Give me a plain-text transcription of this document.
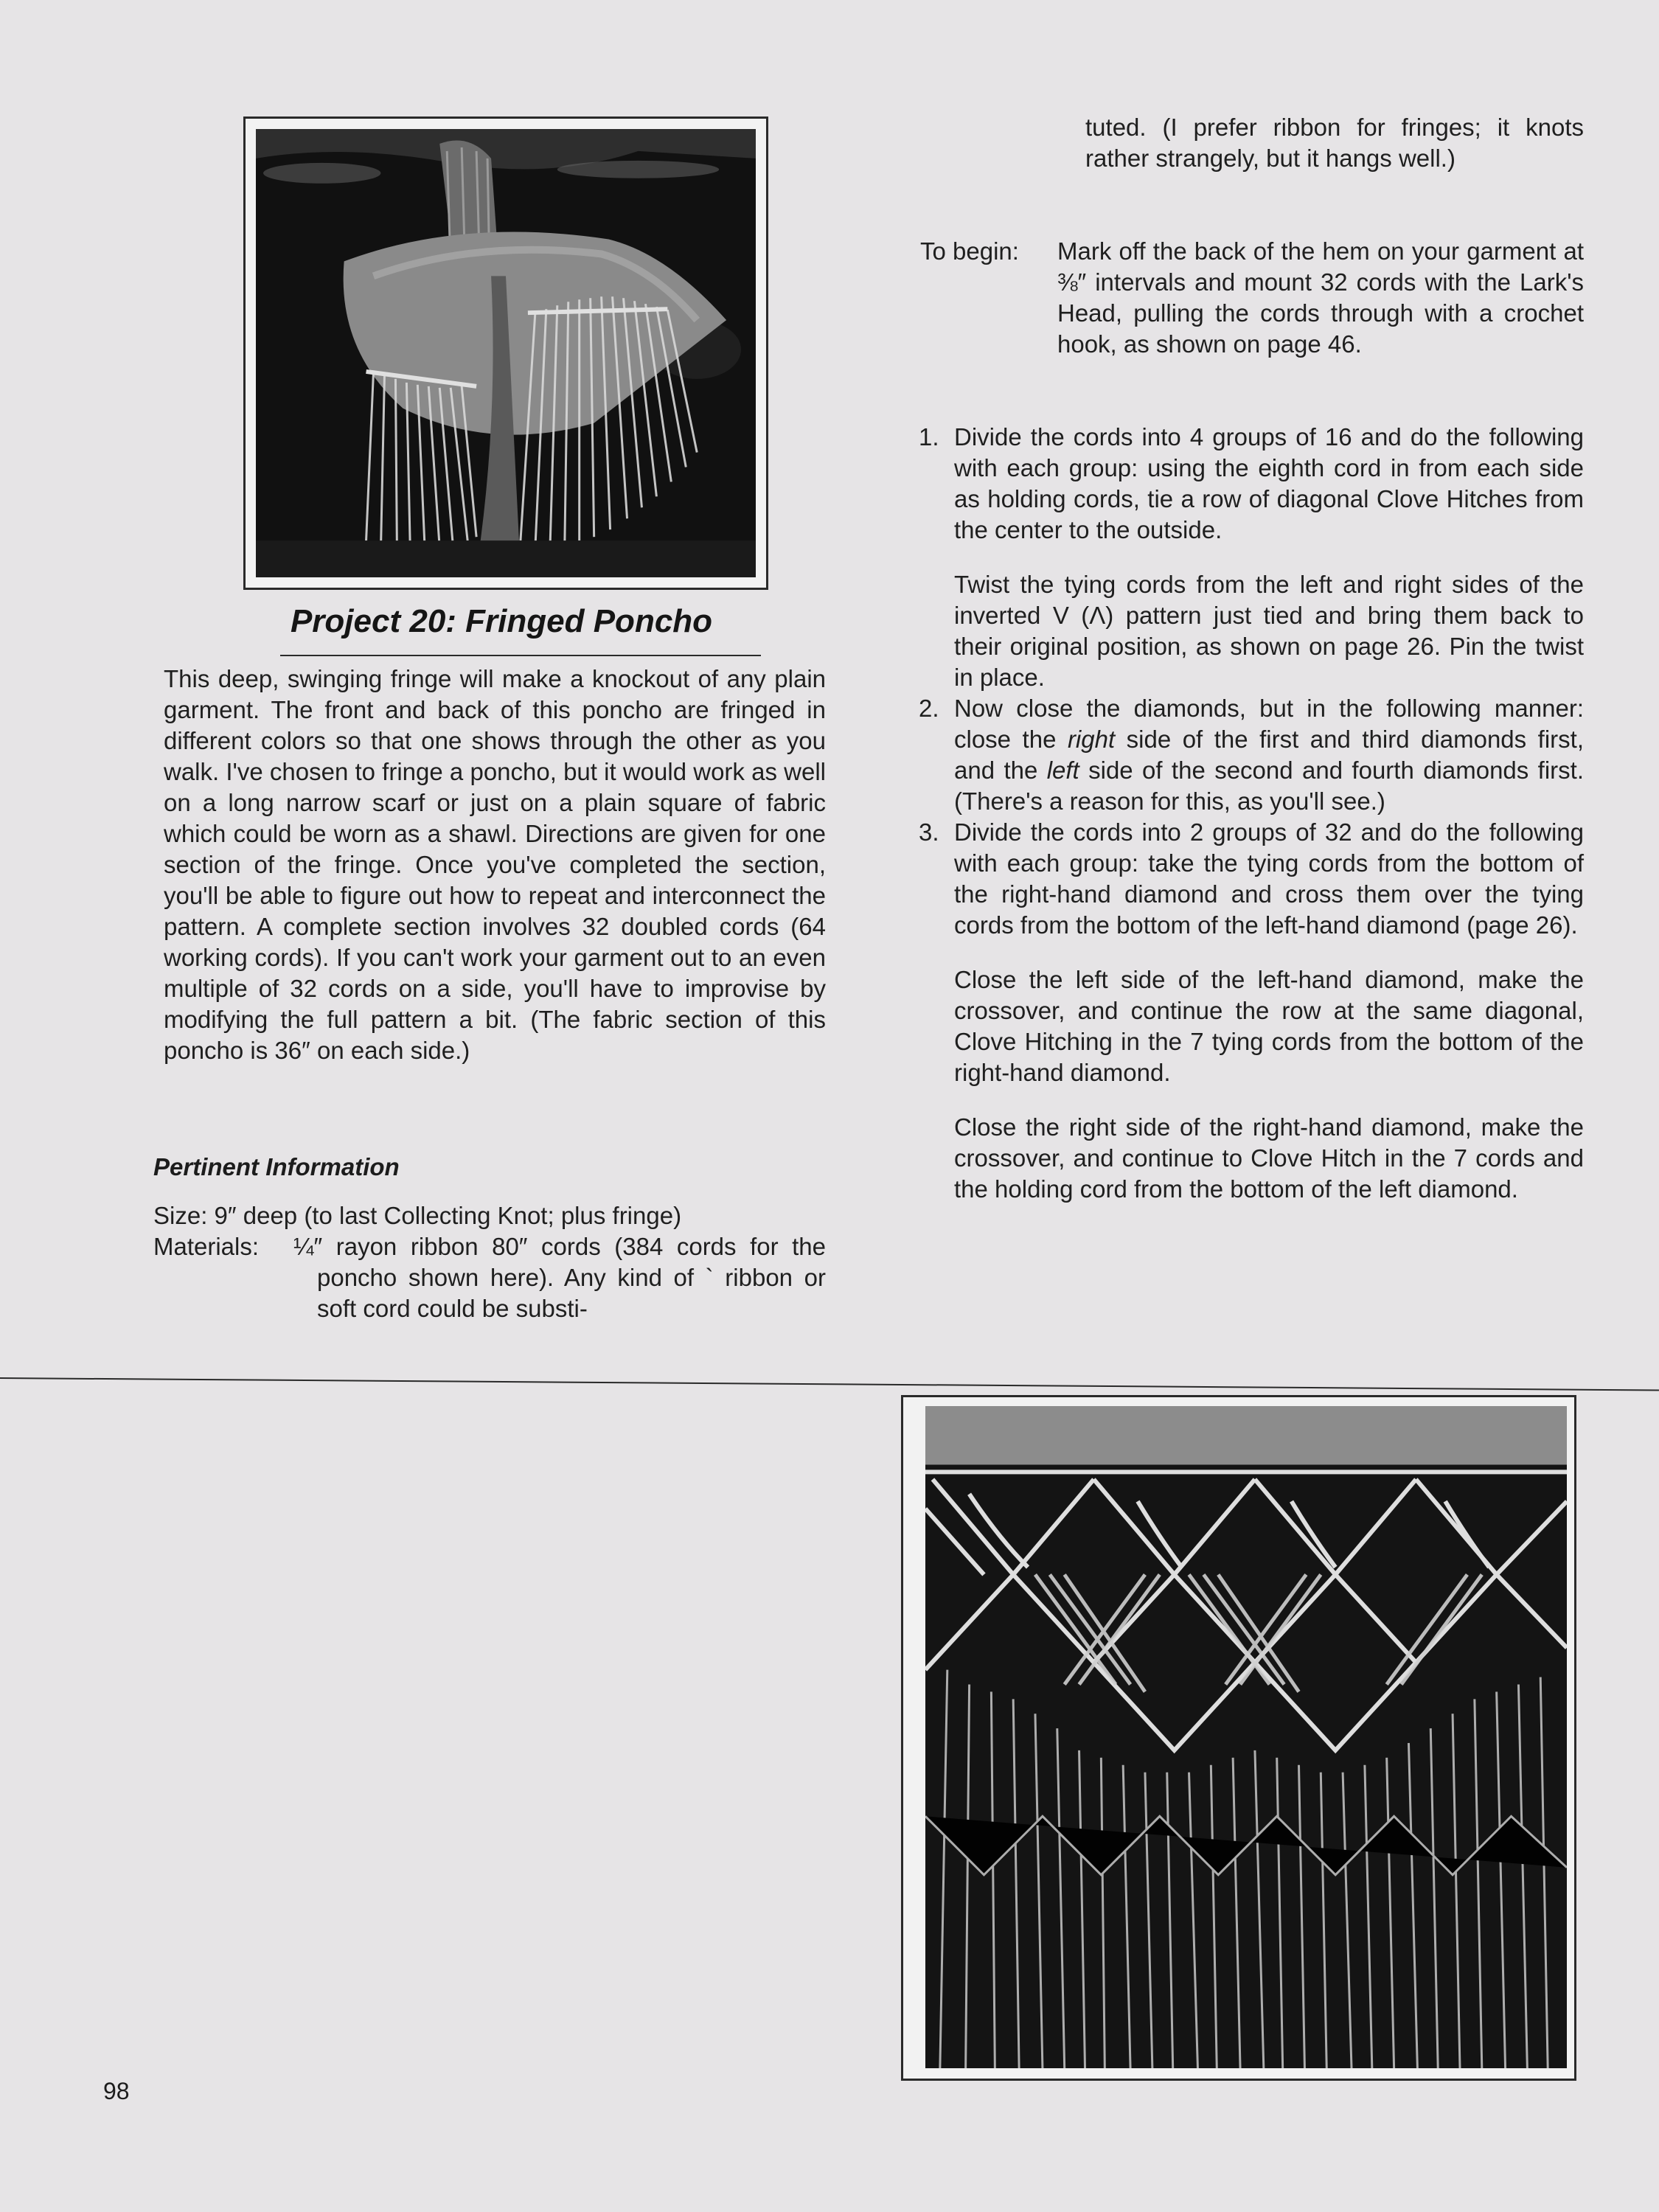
Project 20: Fringed Poncho
This deep, swinging fringe will make a knockout of any plain garment. The front and back of this poncho are fringed in different colors so that one shows through the other as you walk. I've chosen to fringe a poncho, but it would work as well on a long narrow scarf or just on a plain square of fabric which could be worn as a shawl. Directions are given for one section of the fringe. Once you've completed the section, you'll be able to figure out how to repeat and interconnect the pattern. A complete section involves 32 doubled cords (64 working cords). If you can't work your garment out to an even multiple of 32 cords on a side, you'll have to improvise by modifying the full pattern a bit. (The fabric section of this poncho is 36″ on each side.)
Pertinent Information
Size: 9″ deep (to last Collecting Knot; plus fringe)
Materials: ¼″ rayon ribbon 80″ cords (384 cords for the poncho shown here). Any kind of ` ribbon or soft cord could be substi-
tuted. (I prefer ribbon for fringes; it knots rather strangely, but it hangs well.)
To begin: Mark off the back of the hem on your garment at ⅜″ intervals and mount 32 cords with the Lark's Head, pulling the cords through with a crochet hook, as shown on page 46.
1. Divide the cords into 4 groups of 16 and do the following with each group: using the eighth cord in from each side as holding cords, tie a row of diagonal Clove Hitches from the center to the outside.

Twist the tying cords from the left and right sides of the inverted V (Λ) pattern just tied and bring them back to their original position, as shown on page 26. Pin the twist in place.

2. Now close the diamonds, but in the following manner: close the right side of the first and third diamonds first, and the left side of the second and fourth diamonds first. (There's a reason for this, as you'll see.)

3. Divide the cords into 2 groups of 32 and do the following with each group: take the tying cords from the bottom of the right-hand diamond and cross them over the tying cords from the bottom of the left-hand diamond (page 26).

Close the left side of the left-hand diamond, make the crossover, and continue the row at the same diagonal, Clove Hitching in the 7 tying cords from the bottom of the right-hand diamond.

Close the right side of the right-hand diamond, make the crossover, and continue to Clove Hitch in the 7 cords and the holding cord from the bottom of the left diamond.

98
